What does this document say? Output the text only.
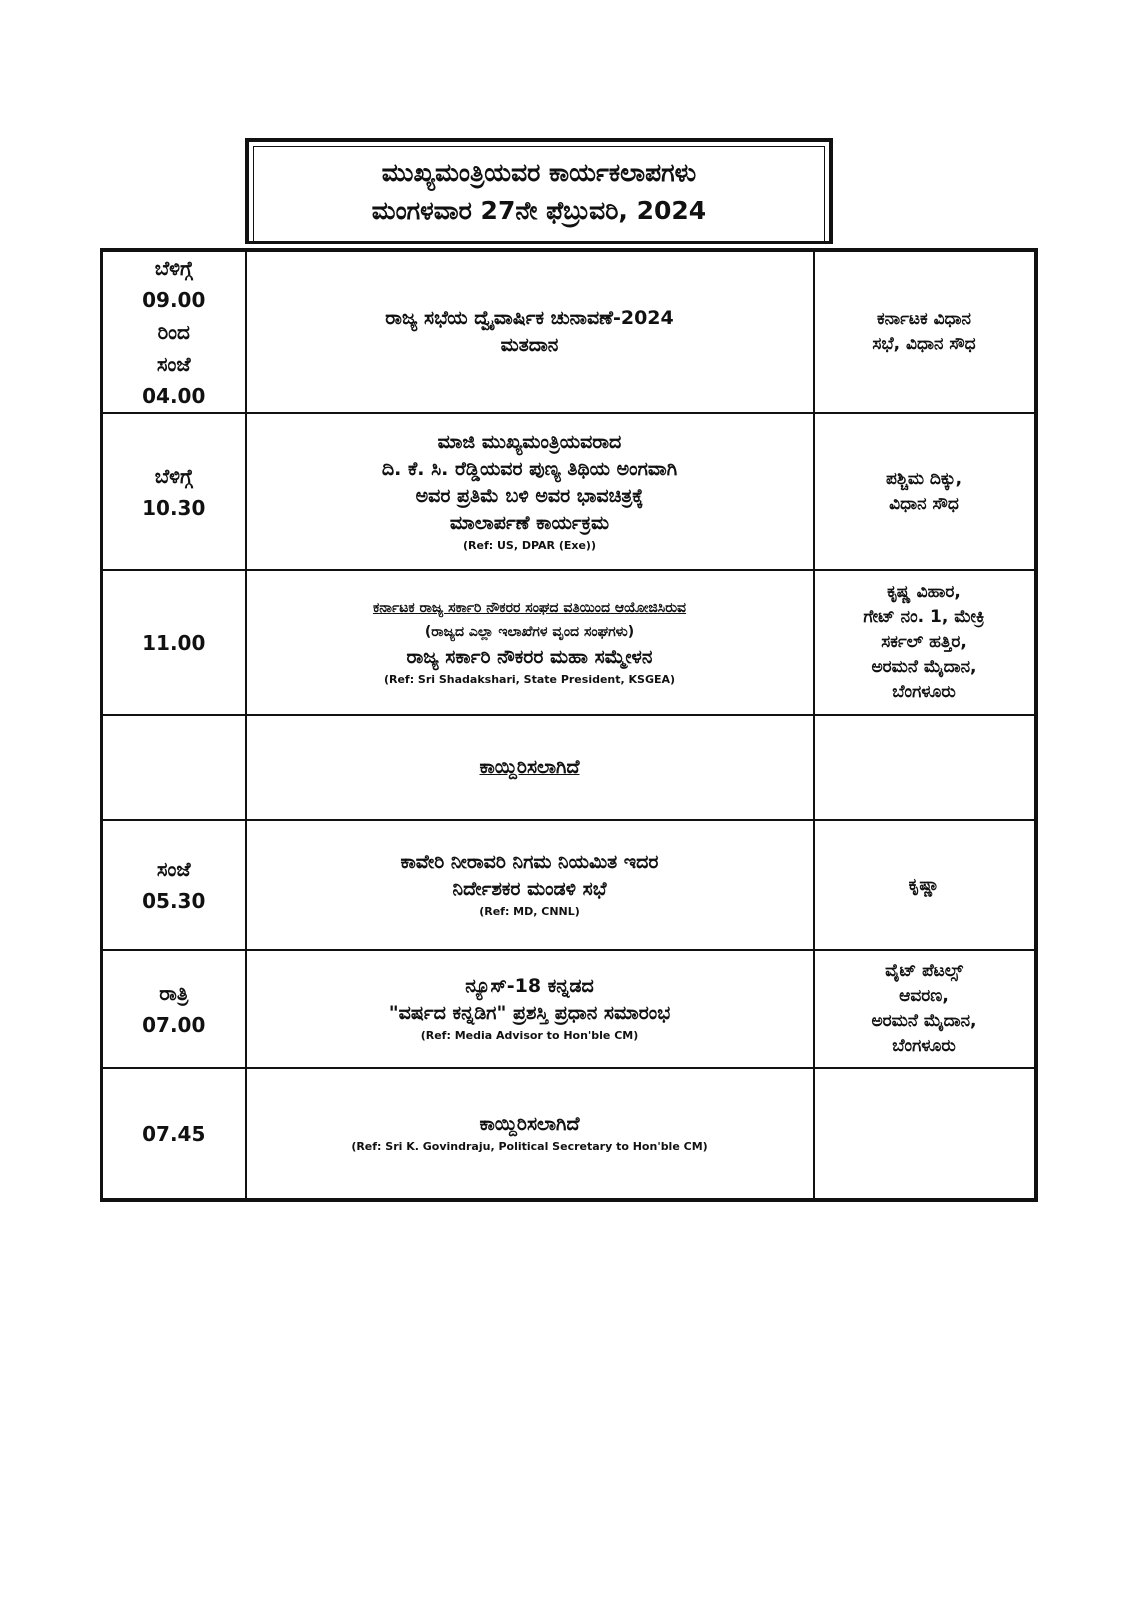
ಮುಖ್ಯಮಂತ್ರಿಯವರ ಕಾರ್ಯಕಲಾಪಗಳು
ಮಂಗಳವಾರ 27ನೇ ಫೆಬ್ರುವರಿ, 2024
ಬೆಳಿಗ್ಗೆ
09.00
ರಿಂದ
ಸಂಜೆ
04.00	ರಾಜ್ಯ ಸಭೆಯ ದ್ವೈವಾರ್ಷಿಕ ಚುನಾವಣೆ-2024
ಮತದಾನ	ಕರ್ನಾಟಕ ವಿಧಾನ
ಸಭೆ, ವಿಧಾನ ಸೌಧ

ಬೆಳಿಗ್ಗೆ
10.30	ಮಾಜಿ ಮುಖ್ಯಮಂತ್ರಿಯವರಾದ
ದಿ. ಕೆ. ಸಿ. ರೆಡ್ಡಿಯವರ ಪುಣ್ಯ ತಿಥಿಯ ಅಂಗವಾಗಿ
ಅವರ ಪ್ರತಿಮೆ ಬಳಿ ಅವರ ಭಾವಚಿತ್ರಕ್ಕೆ
ಮಾಲಾರ್ಪಣೆ ಕಾರ್ಯಕ್ರಮ
(Ref: US, DPAR (Exe))	ಪಶ್ಚಿಮ ದಿಕ್ಕು,
ವಿಧಾನ ಸೌಧ

11.00	ಕರ್ನಾಟಕ ರಾಜ್ಯ ಸರ್ಕಾರಿ ನೌಕರರ ಸಂಘದ ವತಿಯಿಂದ ಆಯೋಜಿಸಿರುವ
(ರಾಜ್ಯದ ಎಲ್ಲಾ ಇಲಾಖೆಗಳ ವೃಂದ ಸಂಘಗಳು)
ರಾಜ್ಯ ಸರ್ಕಾರಿ ನೌಕರರ ಮಹಾ ಸಮ್ಮೇಳನ
(Ref: Sri Shadakshari, State President, KSGEA)	ಕೃಷ್ಣ ವಿಹಾರ,
ಗೇಟ್ ನಂ. 1, ಮೇಕ್ರಿ
ಸರ್ಕಲ್ ಹತ್ತಿರ,
ಅರಮನೆ ಮೈದಾನ,
ಬೆಂಗಳೂರು

	ಕಾಯ್ದಿರಿಸಲಾಗಿದೆ	

ಸಂಜೆ
05.30	ಕಾವೇರಿ ನೀರಾವರಿ ನಿಗಮ ನಿಯಮಿತ ಇದರ
ನಿರ್ದೇಶಕರ ಮಂಡಳಿ ಸಭೆ
(Ref: MD, CNNL)	ಕೃಷ್ಣಾ

ರಾತ್ರಿ
07.00	ನ್ಯೂಸ್-18 ಕನ್ನಡದ
"ವರ್ಷದ ಕನ್ನಡಿಗ" ಪ್ರಶಸ್ತಿ ಪ್ರಧಾನ ಸಮಾರಂಭ
(Ref: Media Advisor to Hon'ble CM)	ವೈಟ್ ಪೆಟಲ್ಸ್
ಆವರಣ,
ಅರಮನೆ ಮೈದಾನ,
ಬೆಂಗಳೂರು

07.45	ಕಾಯ್ದಿರಿಸಲಾಗಿದೆ
(Ref: Sri K. Govindraju, Political Secretary to Hon'ble CM)	
